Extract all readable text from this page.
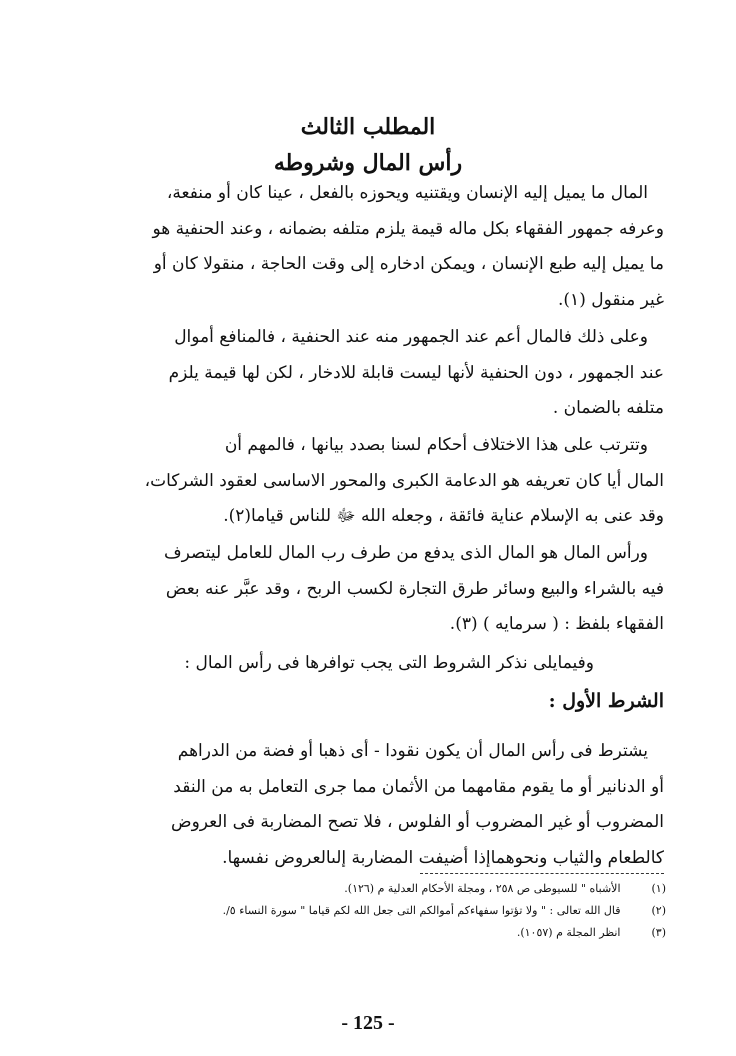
المطلب الثالث
رأس المال وشروطه
المال ما يميل إليه الإنسان ويقتنيه ويحوزه بالفعل ، عينا كان أو منفعة،
وعرفه جمهور الفقهاء بكل ماله قيمة يلزم متلفه بضمانه ، وعند الحنفية هو
ما يميل إليه طبع الإنسان ، ويمكن ادخاره إلى وقت الحاجة ، منقولا كان أو
غير منقول (١).
وعلى ذلك فالمال أعم عند الجمهور منه عند الحنفية ، فالمنافع أموال
عند الجمهور ، دون الحنفية لأنها ليست قابلة للادخار ، لكن لها قيمة يلزم
متلفه بالضمان .
وتترتب على هذا الاختلاف أحكام لسنا بصدد بيانها ، فالمهم أن
المال أيا كان تعريفه هو الدعامة الكبرى والمحور الاساسى لعقود الشركات،
وقد عنى به الإسلام عناية فائقة ، وجعله الله ﷻ للناس قياما(٢).
ورأس المال هو المال الذى يدفع من طرف رب المال للعامل ليتصرف
فيه بالشراء والبيع وسائر طرق التجارة لكسب الربح ، وقد عبَّر عنه بعض
الفقهاء بلفظ : ( سرمايه ) (٣).
وفيمايلى نذكر الشروط التى يجب توافرها فى رأس المال :
الشرط الأول :
يشترط فى رأس المال أن يكون نقودا - أى ذهبا أو فضة من الدراهم
أو الدنانير أو ما يقوم مقامهما من الأثمان مما جرى التعامل به من النقد
المضروب أو غير المضروب أو الفلوس ، فلا تصح المضاربة فى العروض
كالطعام والثياب ونحوهماإذا أضيفت المضاربة إلىالعروض نفسها.
(١) الأشباه " للسيوطى ص ٢٥٨ ، ومجلة الأحكام العدلية م (١٢٦).
(٢) قال الله تعالى : " ولا تؤتوا سفهاءكم أموالكم التى جعل الله لكم قياما " سورة النساء ٥/.
(٣) انظر المجلة م (١٠٥٧).
- 125 -
